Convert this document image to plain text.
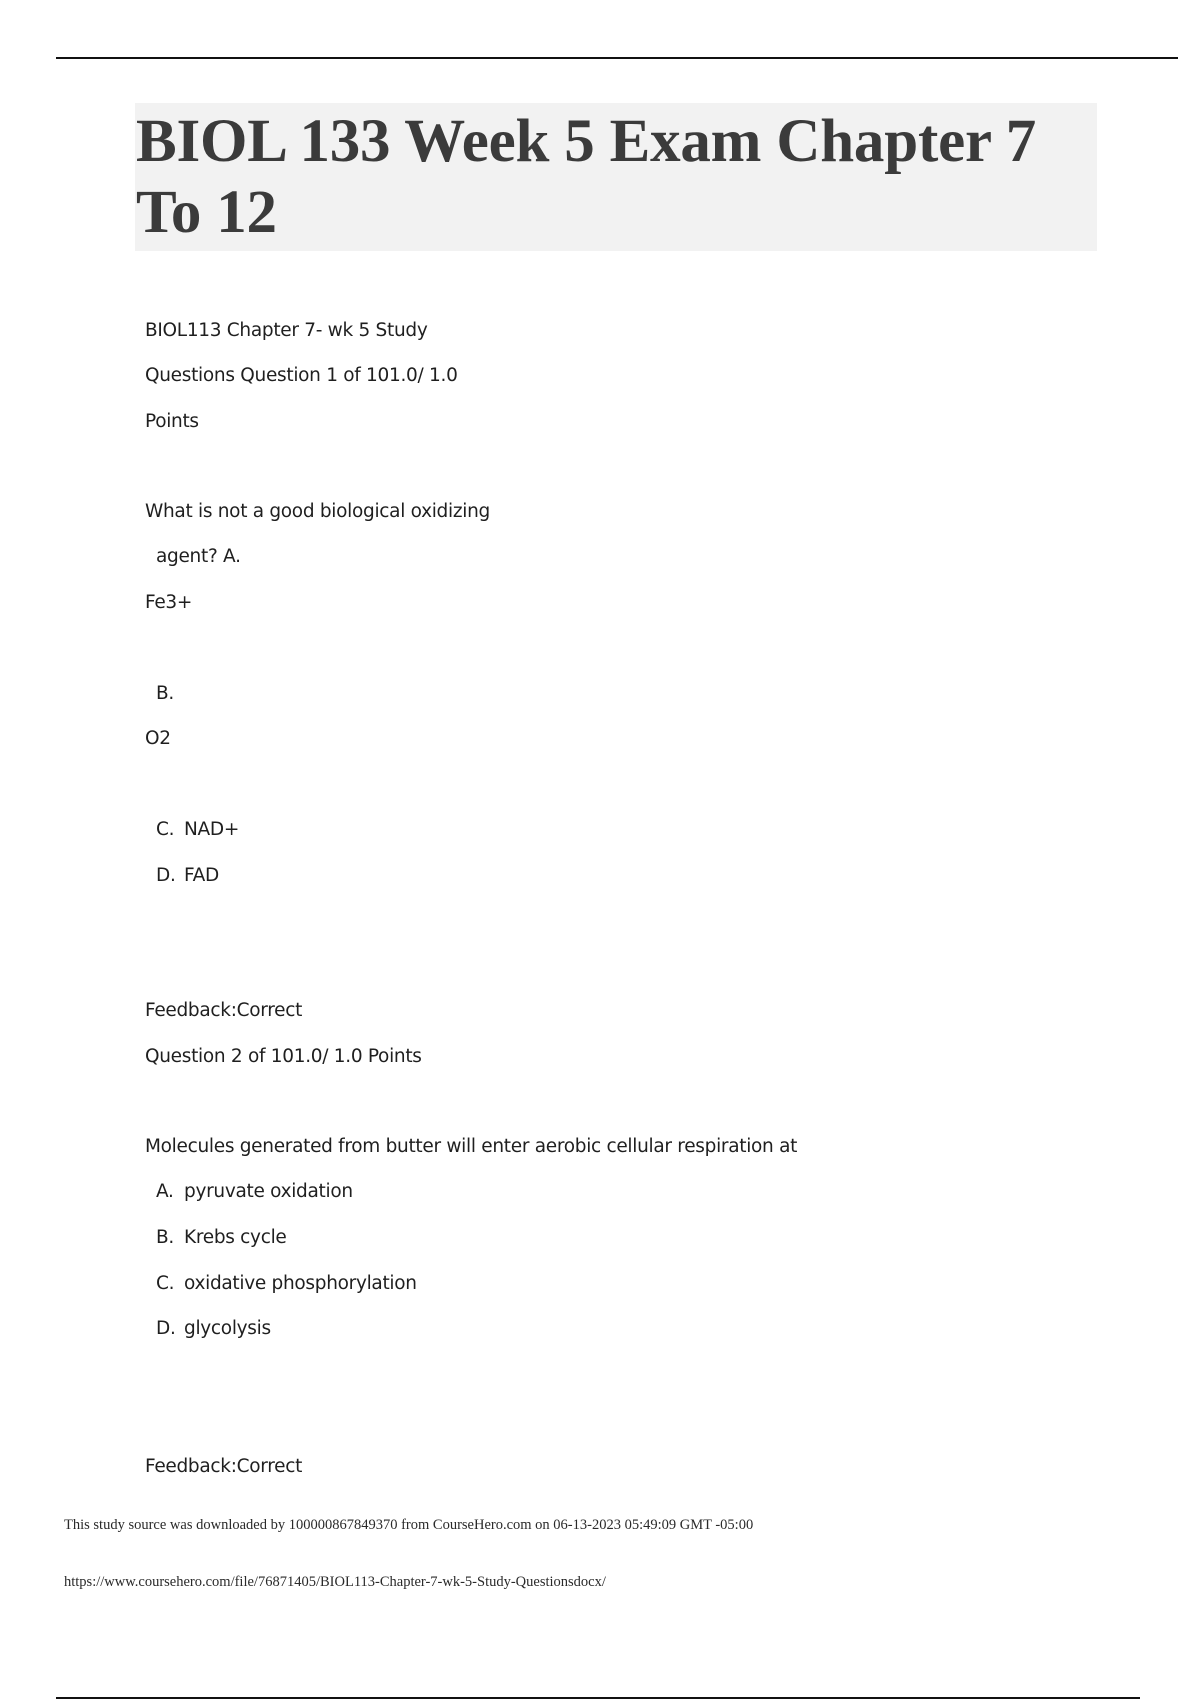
BIOL 133 Week 5 Exam Chapter 7 To 12
BIOL113 Chapter 7- wk 5 Study
Questions Question 1 of 101.0/ 1.0
Points
What is not a good biological oxidizing
agent? A.
Fe3+
B.
O2
C. NAD+
D. FAD
Feedback:Correct
Question 2 of 101.0/ 1.0 Points
Molecules generated from butter will enter aerobic cellular respiration at
A. pyruvate oxidation
B. Krebs cycle
C. oxidative phosphorylation
D. glycolysis
Feedback:Correct
This study source was downloaded by 100000867849370 from CourseHero.com on 06-13-2023 05:49:09 GMT -05:00
https://www.coursehero.com/file/76871405/BIOL113-Chapter-7-wk-5-Study-Questionsdocx/
